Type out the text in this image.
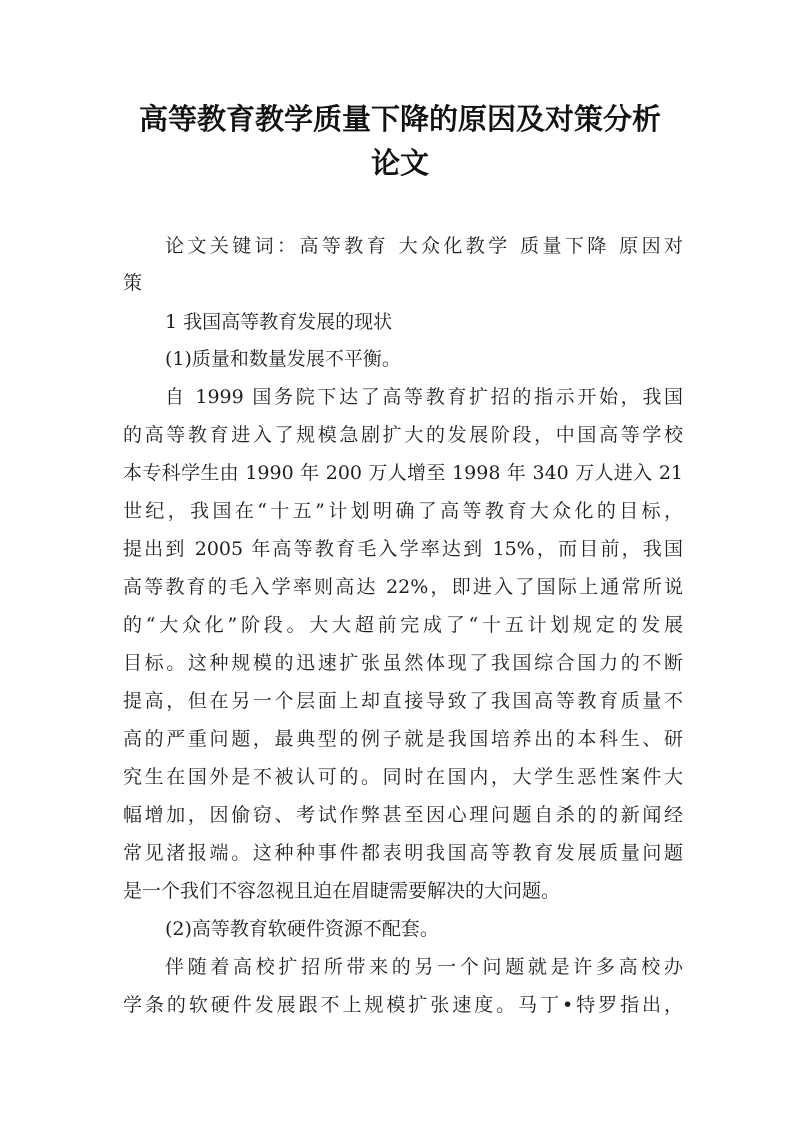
高等教育教学质量下降的原因及对策分析
论文
论文关键词：高等教育 大众化教学 质量下降 原因对
策
1 我国高等教育发展的现状
(1)质量和数量发展不平衡。
自 1999 国务院下达了高等教育扩招的指示开始，我国
的高等教育进入了规模急剧扩大的发展阶段，中国高等学校
本专科学生由 1990 年 200 万人增至 1998 年 340 万人进入 21
世纪，我国在“十五”计划明确了高等教育大众化的目标，
提出到 2005 年高等教育毛入学率达到 15%，而目前，我国
高等教育的毛入学率则高达 22%，即进入了国际上通常所说
的“大众化”阶段。大大超前完成了“十五计划规定的发展
目标。这种规模的迅速扩张虽然体现了我国综合国力的不断
提高，但在另一个层面上却直接导致了我国高等教育质量不
高的严重问题，最典型的例子就是我国培养出的本科生、研
究生在国外是不被认可的。同时在国内，大学生恶性案件大
幅增加，因偷窃、考试作弊甚至因心理问题自杀的的新闻经
常见渚报端。这种种事件都表明我国高等教育发展质量问题
是一个我们不容忽视且迫在眉睫需要解决的大问题。
(2)高等教育软硬件资源不配套。
伴随着高校扩招所带来的另一个问题就是许多高校办
学条的软硬件发展跟不上规模扩张速度。马丁•特罗指出，
